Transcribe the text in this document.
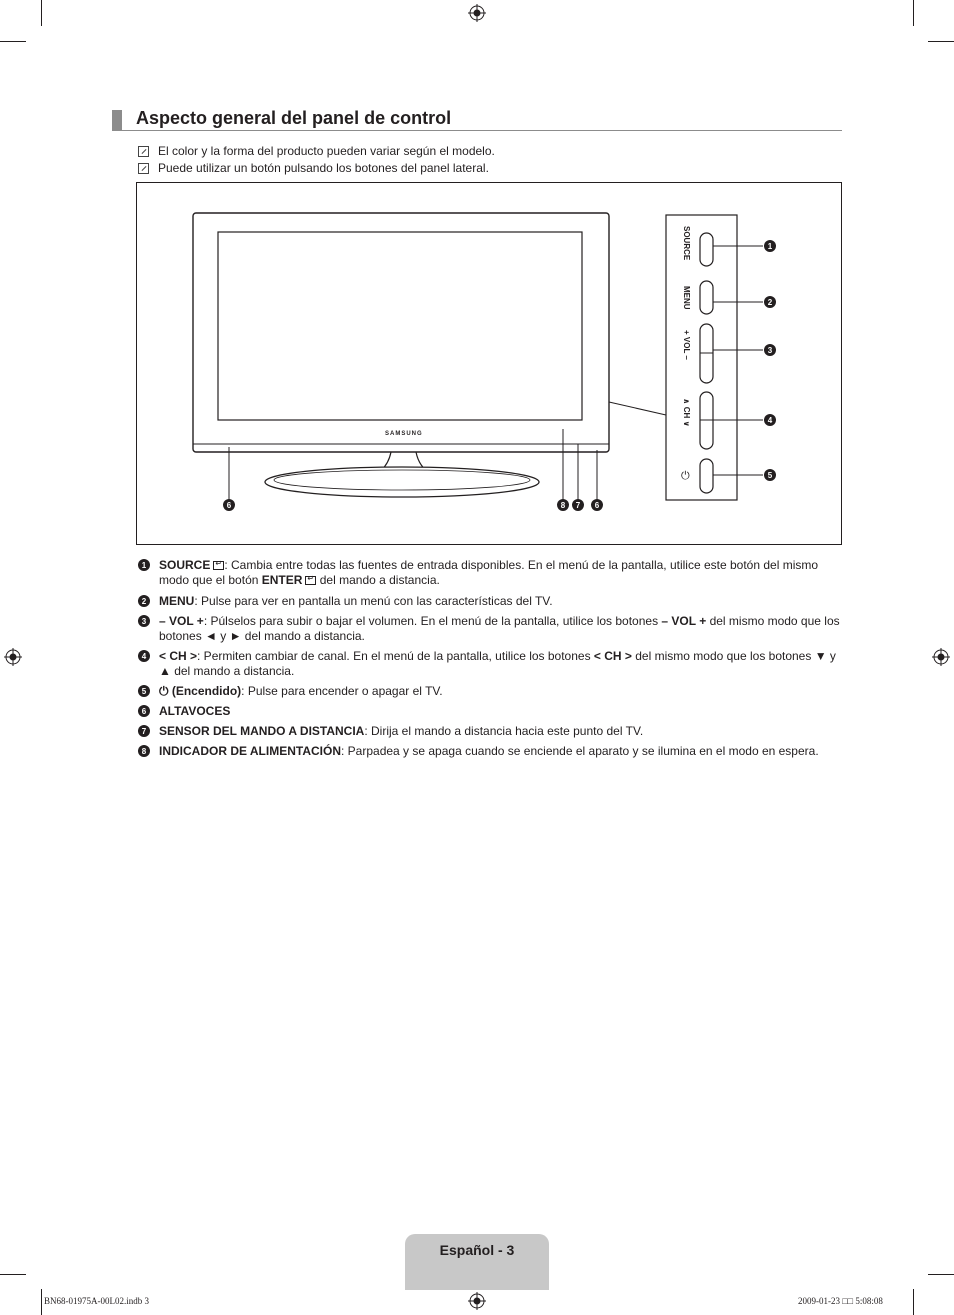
Aspecto general del panel de control
El color y la forma del producto pueden variar según el modelo.
Puede utilizar un botón pulsando los botones del panel lateral.
SAMSUNG
SOURCE
MENU
+ VOL –
∧ CH ∨
⏻
1
2
3
4
5
6	8	7	6
1	SOURCE↵ : Cambia entre todas las fuentes de entrada disponibles. En el menú de la pantalla, utilice este botón del mismo modo que el botón ENTER↵ del mando a distancia.
2	MENU: Pulse para ver en pantalla un menú con las características del TV.
3	– VOL +: Púlselos para subir o bajar el volumen. En el menú de la pantalla, utilice los botones – VOL + del mismo modo que los botones ◄ y ► del mando a distancia.
4	< CH >: Permiten cambiar de canal. En el menú de la pantalla, utilice los botones < CH > del mismo modo que los botones ▼ y ▲ del mando a distancia.
5	⏻ (Encendido): Pulse para encender o apagar el TV.
6	ALTAVOCES
7	SENSOR DEL MANDO A DISTANCIA: Dirija el mando a distancia hacia este punto del TV.
8	INDICADOR DE ALIMENTACIÓN: Parpadea y se apaga cuando se enciende el aparato y se ilumina en el modo en espera.
Español - 3
BN68-01975A-00L02.indb 3	2009-01-23 □□ 5:08:08
